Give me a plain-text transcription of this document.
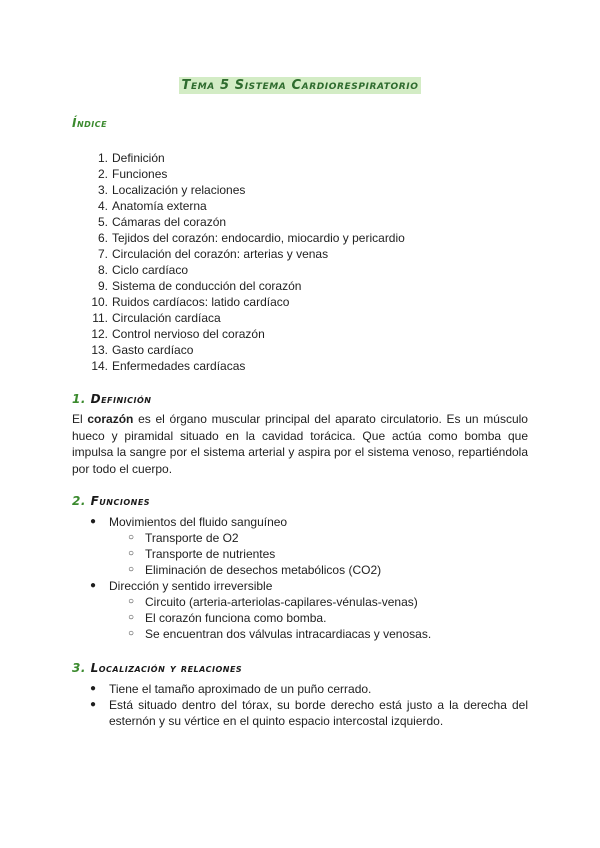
Tema 5 Sistema Cardiorespiratorio
Índice
1. Definición
2. Funciones
3. Localización y relaciones
4. Anatomía externa
5. Cámaras del corazón
6. Tejidos del corazón: endocardio, miocardio y pericardio
7. Circulación del corazón: arterias y venas
8. Ciclo cardíaco
9. Sistema de conducción del corazón
10. Ruidos cardíacos: latido cardíaco
11. Circulación cardíaca
12. Control nervioso del corazón
13. Gasto cardíaco
14. Enfermedades cardíacas
1. Definición

El corazón es el órgano muscular principal del aparato circulatorio. Es un músculo hueco y piramidal situado en la cavidad torácica. Que actúa como bomba que impulsa la sangre por el sistema arterial y aspira por el sistema venoso, repartiéndola por todo el cuerpo.

2. Funciones
● Movimientos del fluido sanguíneo
○ Transporte de O2
○ Transporte de nutrientes
○ Eliminación de desechos metabólicos (CO2)
● Dirección y sentido irreversible
○ Circuito (arteria-arteriolas-capilares-vénulas-venas)
○ El corazón funciona como bomba.
○ Se encuentran dos válvulas intracardiacas y venosas.
3. Localización y relaciones
● Tiene el tamaño aproximado de un puño cerrado.
● Está situado dentro del tórax, su borde derecho está justo a la derecha del esternón y su vértice en el quinto espacio intercostal izquierdo.
